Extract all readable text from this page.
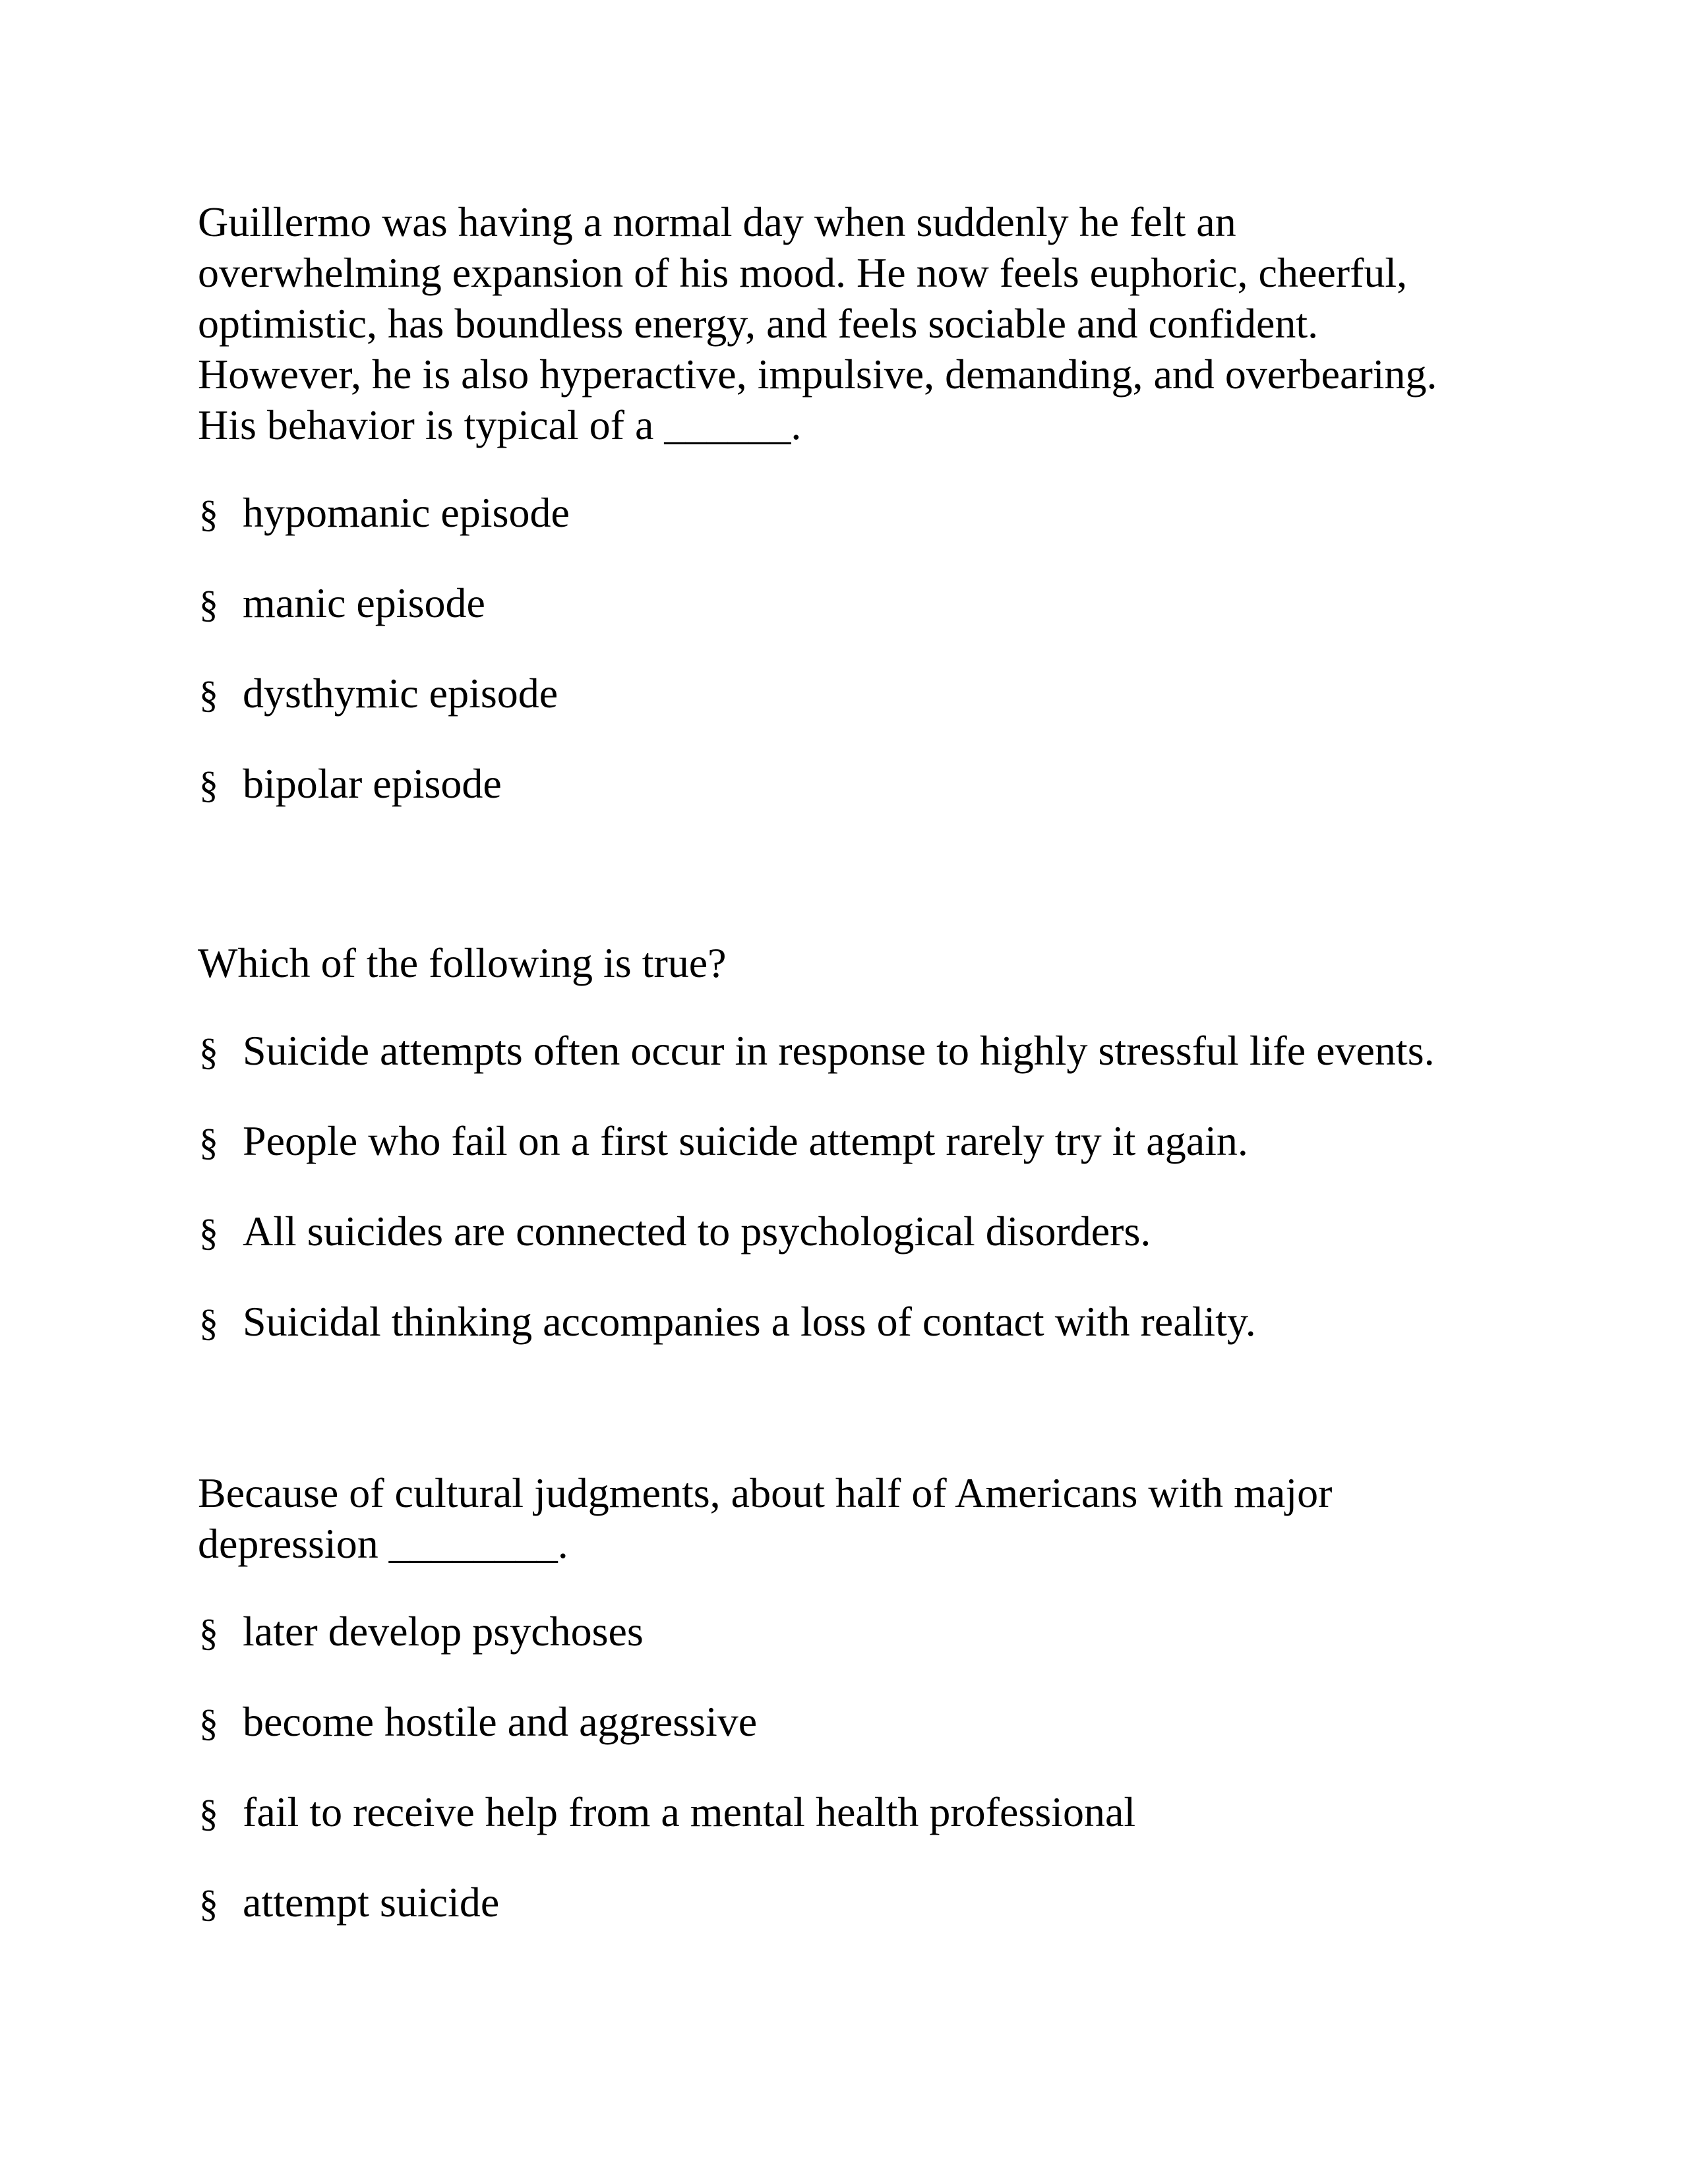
Guillermo was having a normal day when suddenly he felt an
overwhelming expansion of his mood. He now feels euphoric, cheerful,
optimistic, has boundless energy, and feels sociable and confident.
However, he is also hyperactive, impulsive, demanding, and overbearing.
His behavior is typical of a ______.

§ hypomanic episode
§ manic episode
§ dysthymic episode
§ bipolar episode

Which of the following is true?

§ Suicide attempts often occur in response to highly stressful life events.
§ People who fail on a first suicide attempt rarely try it again.
§ All suicides are connected to psychological disorders.
§ Suicidal thinking accompanies a loss of contact with reality.

Because of cultural judgments, about half of Americans with major
depression ________.

§ later develop psychoses
§ become hostile and aggressive
§ fail to receive help from a mental health professional
§ attempt suicide
